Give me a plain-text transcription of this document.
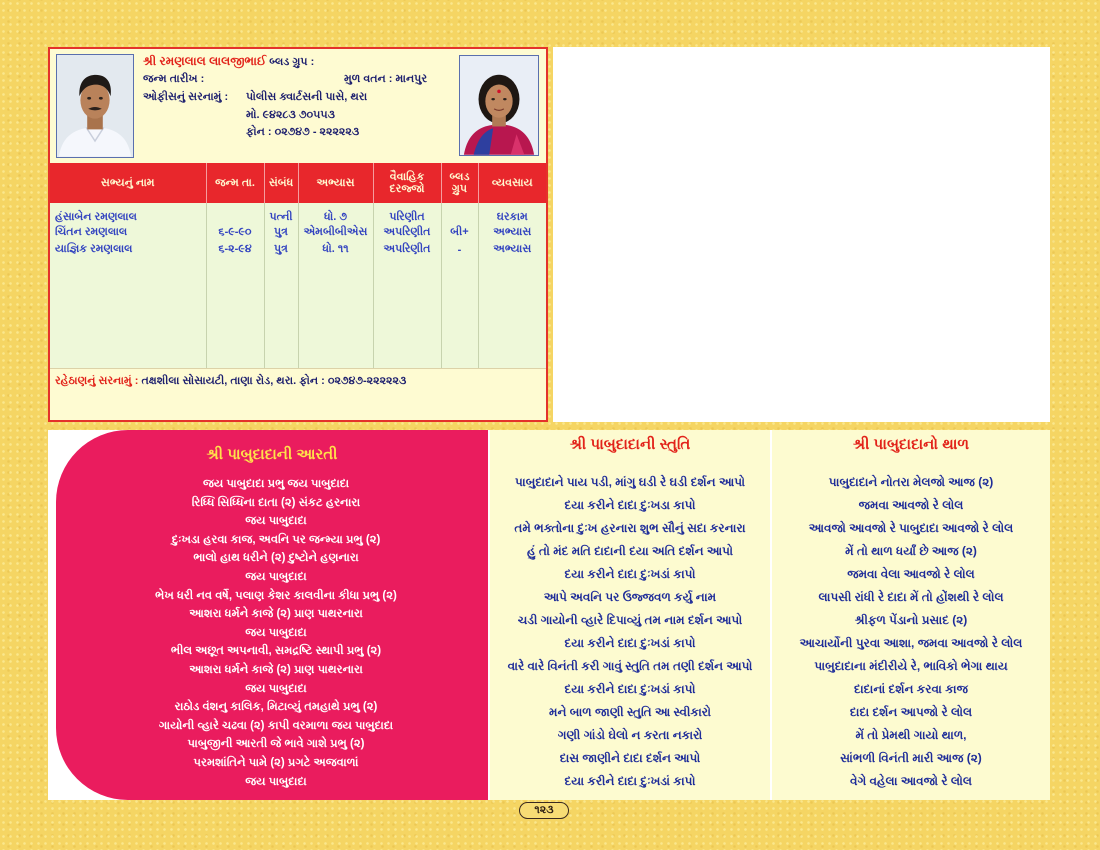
શ્રી રમણલાલ લાલજીભાઈ બ્લડ ગ્રુપ :
જન્મ તારીખ :	મુળ વતન : માનપુર
ઓફીસનું સરનામું : પોલીસ ક્વાર્ટસની પાસે, થરા
મો. ૯૪૨૮૩ ૭૦૫૫૩
ફોન : ૦૨૭૪૭ - ૨૨૨૨૨૩
સભ્યનું નામ	જન્મ તા.	સંબંધ	અભ્યાસ	વૈવાહિક દરજ્જો	બ્લડ ગ્રુપ	વ્યવસાય
હંસાબેન રમણલાલ		પત્ની	ધો. ૭	પરિણીત		ઘરકામ
ચિંતન રમણલાલ	૬-૯-૯૦	પુત્ર	એમબીબીએસ	અપરિણીત	બી+	અભ્યાસ
યાજ્ઞિક રમણલાલ	૬-૨-૯૪	પુત્ર	ધો. ૧૧	અપરિણીત	-	અભ્યાસ

રહેઠાણનું સરનામું : તક્ષશીલા સોસાયટી, તાણા રોડ, થરા. ફોન : ૦૨૭૪૭-૨૨૨૨૨૩
શ્રી પાબુદાદાની આરતી
જય પાબુદાદા પ્રભુ જય પાબુદાદા
રિધ્ધિ સિધ્ધિના દાતા (૨) સંકટ હરનારા
જય પાબુદાદા
દુઃખડા હરવા કાજ, અવનિ પર જન્મ્યા પ્રભુ (૨)
ભાલો હાથ ધરીને (૨) દુષ્ટોને હણનારા
જય પાબુદાદા
ભેખ ધરી નવ વર્ષે, પલાણ કેશર કાલવીના કીધા પ્રભુ (૨)
આશરા ધર્મને કાજે (૨) પ્રાણ પાથરનારા
જય પાબુદાદા
ભીલ અછૂત અપનાવી, સમદ્રષ્ટિ સ્થાપી પ્રભુ (૨)
આશરા ધર્મને કાજે (૨) પ્રાણ પાથરનારા
જય પાબુદાદા
રાઠોડ વંશનુ કાલિક, મિટાવ્યું તમહાથે પ્રભુ (૨)
ગાયોની વ્હારે ચઢવા (૨) કાપી વરમાળા જય પાબુદાદા
પાબુજીની આરતી જે ભાવે ગાશે પ્રભુ (૨)
પરમશાંતિને પામે (૨) પ્રગટે અજવાળાં
જય પાબુદાદા
શ્રી પાબુદાદાની સ્તુતિ
પાબુદાદાને પાય પડી, માંગુ ઘડી રે ઘડી દર્શન આપો
દયા કરીને દાદા દુઃખડા કાપો
તમે ભક્તોના દુઃખ હરનારા શુભ સૌનું સદા કરનારા
હું તો મંદ મતિ દાદાની દયા અતિ દર્શન આપો
દયા કરીને દાદા દુઃખડાં કાપો
આપે અવનિ પર ઉજ્જવળ કર્યુ નામ
ચડી ગાયોની વ્હારે દિપાવ્યું તમ નામ દર્શન આપો
દયા કરીને દાદા દુઃખડાં કાપો
વારે વારે વિનંતી કરી ગાવું સ્તુતિ તમ તણી દર્શન આપો
દયા કરીને દાદા દુઃખડાં કાપો
મને બાળ જાણી સ્તુતિ આ સ્વીકારો
ગણી ગાંડો ઘેલો ન કરતા નકારો
દાસ જાણીને દાદા દર્શન આપો
દયા કરીને દાદા દુઃખડાં કાપો
શ્રી પાબુદાદાનો થાળ
પાબુદાદાને નોતરા મેલજો આજ (૨)
જમવા આવજો રે લોલ
આવજો આવજો રે પાબુદાદા આવજો રે લોલ
મેં તો થાળ ધર્યાં છે આજ (૨)
જમવા વેલા આવજો રે લોલ
લાપસી રાંધી રે દાદા મેં તો હોંશથી રે લોલ
શ્રીફળ પેંડાનો પ્રસાદ (૨)
આચાર્યોની પુરવા આશા, જમવા આવજો રે લોલ
પાબુદાદાના મંદીરીયે રે, ભાવિકો ભેગા થાય
દાદાનાં દર્શન કરવા કાજ
દાદા દર્શન આપજો રે લોલ
મેં તો પ્રેમથી ગાયો થાળ,
સાંભળી વિનંતી મારી આજ (૨)
વેગે વહેલા આવજો રે લોલ
૧૨૩
